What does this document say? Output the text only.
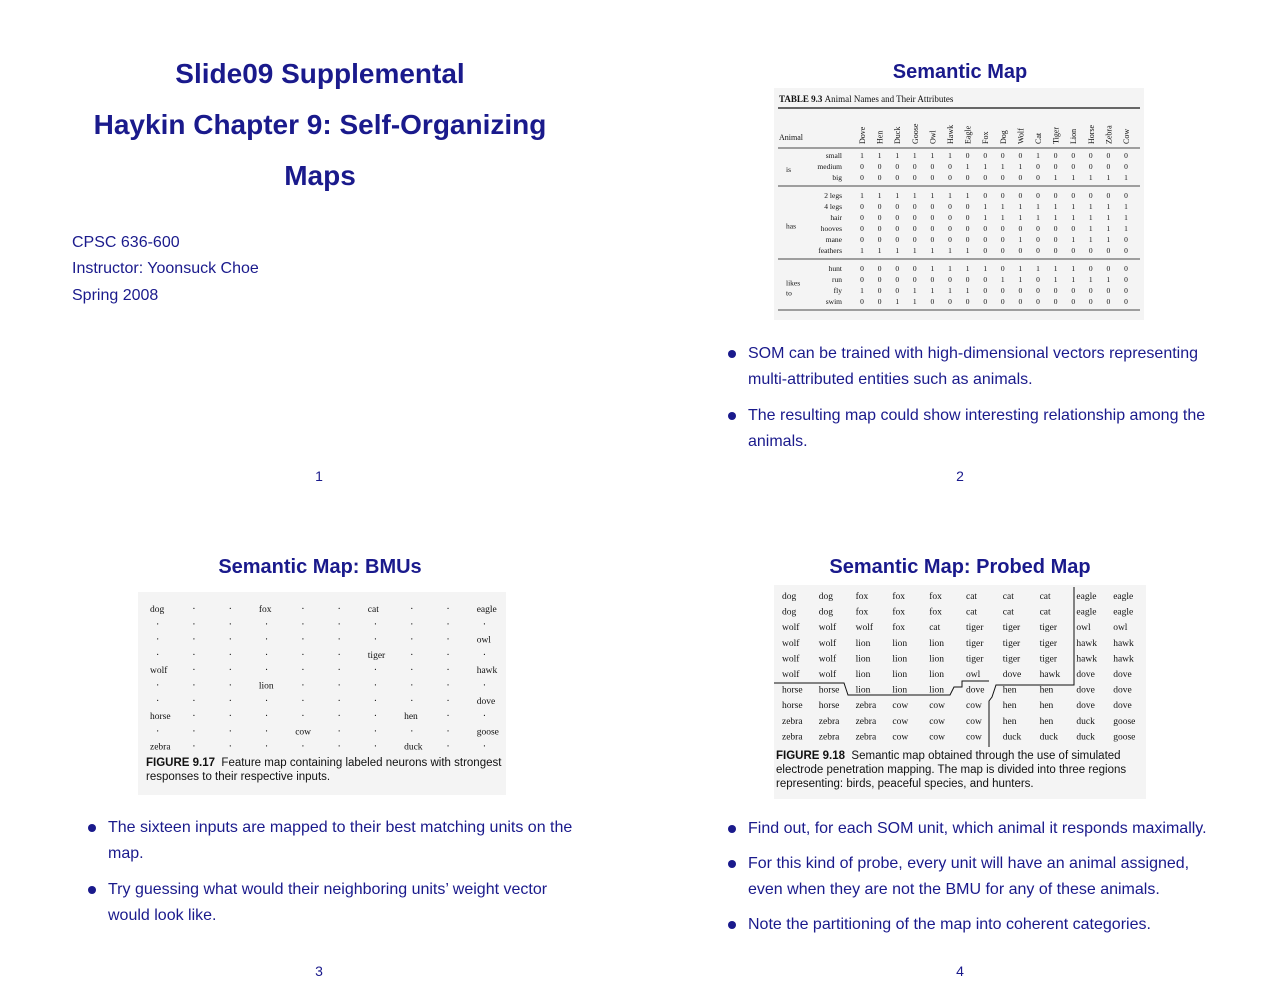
Slide09 Supplemental
Haykin Chapter 9: Self-Organizing
Maps
CPSC 636-600
Instructor: Yoonsuck Choe
Spring 2008
1
Semantic Map
TABLE 9.3 Animal Names and Their Attributes
Animal	Dove Hen Duck Goose Owl Hawk Eagle Fox Dog Wolf Cat Tiger Lion Horse Zebra Cow
small 1 1 1 1 1 1 0 0 0 0 1 0 0 0 0 0
medium 0 0 0 0 0 0 1 1 1 1 0 0 0 0 0 0
big 0 0 0 0 0 0 0 0 0 0 0 1 1 1 1 1
is
2 legs 1 1 1 1 1 1 1 0 0 0 0 0 0 0 0 0
4 legs 0 0 0 0 0 0 0 1 1 1 1 1 1 1 1 1
hair 0 0 0 0 0 0 0 1 1 1 1 1 1 1 1 1
hooves 0 0 0 0 0 0 0 0 0 0 0 0 0 1 1 1
mane 0 0 0 0 0 0 0 0 0 1 0 0 1 1 1 0
feathers 1 1 1 1 1 1 1 0 0 0 0 0 0 0 0 0
has
hunt 0 0 0 0 1 1 1 1 0 1 1 1 1 0 0 0
run 0 0 0 0 0 0 0 0 1 1 0 1 1 1 1 0
fly 1 0 0 1 1 1 1 0 0 0 0 0 0 0 0 0
swim 0 0 1 1 0 0 0 0 0 0 0 0 0 0 0 0
likes
to
SOM can be trained with high-dimensional vectors representing multi-attributed entities such as animals.
The resulting map could show interesting relationship among the animals.
2
Semantic Map: BMUs
dog	·	·	fox	·	·	cat	·	·	eagle
·	·	·	·	·	·	·	·	·	·
·	·	·	·	·	·	·	·	·	owl
·	·	·	·	·	·	tiger ·	·	·
wolf ·	·	·	·	·	·	·	·	hawk
·	·	·	lion	·	·	·	·	·	·
·	·	·	·	·	·	·	·	·	dove
horse ·	·	·	·	·	·	hen	·	·
·	·	·	·	cow	·	·	·	·	goose
zebra ·	·	·	·	·	·	duck ·	·
FIGURE 9.17 Feature map containing labeled neurons with strongest responses to their respective inputs.
The sixteen inputs are mapped to their best matching units on the map.
Try guessing what would their neighboring units’ weight vector would look like.
3
Semantic Map: Probed Map
dog dog fox	fox	fox	cat	cat	cat	eagle eagle
dog dog fox	fox	fox	cat	cat	cat	eagle eagle
wolf wolf wolf fox	cat	tiger tiger tiger owl owl
wolf wolf lion lion lion tiger tiger tiger hawk hawk
wolf wolf lion lion lion tiger tiger tiger hawk hawk
wolf wolf lion lion lion owl dove hawk dove dove
horse horse lion lion lion dove hen hen dove dove
horse horse zebra cow cow cow hen hen dove dove
zebra zebra zebra cow cow cow hen hen duck goose
zebra zebra zebra cow cow cow duck duck duck goose
FIGURE 9.18 Semantic map obtained through the use of simulated electrode penetration mapping. The map is divided into three regions representing: birds, peaceful species, and hunters.
Find out, for each SOM unit, which animal it responds maximally.
For this kind of probe, every unit will have an animal assigned, even when they are not the BMU for any of these animals.
Note the partitioning of the map into coherent categories.
4
